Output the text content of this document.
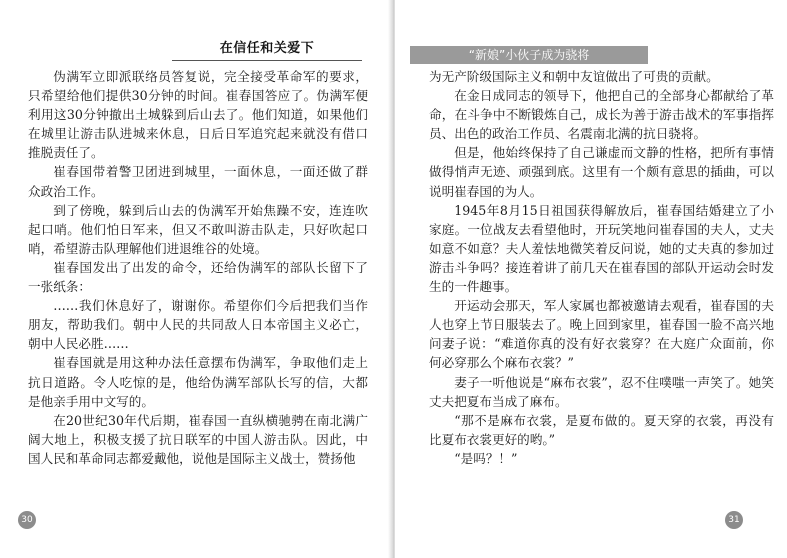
在信任和关爱下

伪满军立即派联络员答复说，完全接受革命军的要求，只希望给他们提供30分钟的时间。崔春国答应了。伪满军便利用这30分钟撤出土城躲到后山去了。他们知道，如果他们在城里让游击队进城来休息，日后日军追究起来就没有借口推脱责任了。

崔春国带着警卫团进到城里，一面休息，一面还做了群众政治工作。

到了傍晚，躲到后山去的伪满军开始焦躁不安，连连吹起口哨。他们怕日军来，但又不敢叫游击队走，只好吹起口哨，希望游击队理解他们进退维谷的处境。

崔春国发出了出发的命令，还给伪满军的部队长留下了一张纸条：

……我们休息好了，谢谢你。希望你们今后把我们当作朋友，帮助我们。朝中人民的共同敌人日本帝国主义必亡，朝中人民必胜……

崔春国就是用这种办法任意摆布伪满军，争取他们走上抗日道路。令人吃惊的是，他给伪满军部队长写的信，大都是他亲手用中文写的。

在20世纪30年代后期，崔春国一直纵横驰骋在南北满广阔大地上，积极支援了抗日联军的中国人游击队。因此，中国人民和革命同志都爱戴他，说他是国际主义战士，赞扬他

30
“新娘”小伙子成为骁将

为无产阶级国际主义和朝中友谊做出了可贵的贡献。

在金日成同志的领导下，他把自己的全部身心都献给了革命，在斗争中不断锻炼自己，成长为善于游击战术的军事指挥员、出色的政治工作员、名震南北满的抗日骁将。

但是，他始终保持了自己谦虚而文静的性格，把所有事情做得悄声无迹、顽强到底。这里有一个颇有意思的插曲，可以说明崔春国的为人。

1945年8月15日祖国获得解放后，崔春国结婚建立了小家庭。一位战友去看望他时，开玩笑地问崔春国的夫人，丈夫如意不如意？夫人羞怯地微笑着反问说，她的丈夫真的参加过游击斗争吗？接连着讲了前几天在崔春国的部队开运动会时发生的一件趣事。

开运动会那天，军人家属也都被邀请去观看，崔春国的夫人也穿上节日服装去了。晚上回到家里，崔春国一脸不高兴地问妻子说：“难道你真的没有好衣裳穿？在大庭广众面前，你何必穿那么个麻布衣裳？”

妻子一听他说是“麻布衣裳”，忍不住噗嗤一声笑了。她笑丈夫把夏布当成了麻布。

“那不是麻布衣裳，是夏布做的。夏天穿的衣裳，再没有比夏布衣裳更好的哟。”

“是吗？！”

31
